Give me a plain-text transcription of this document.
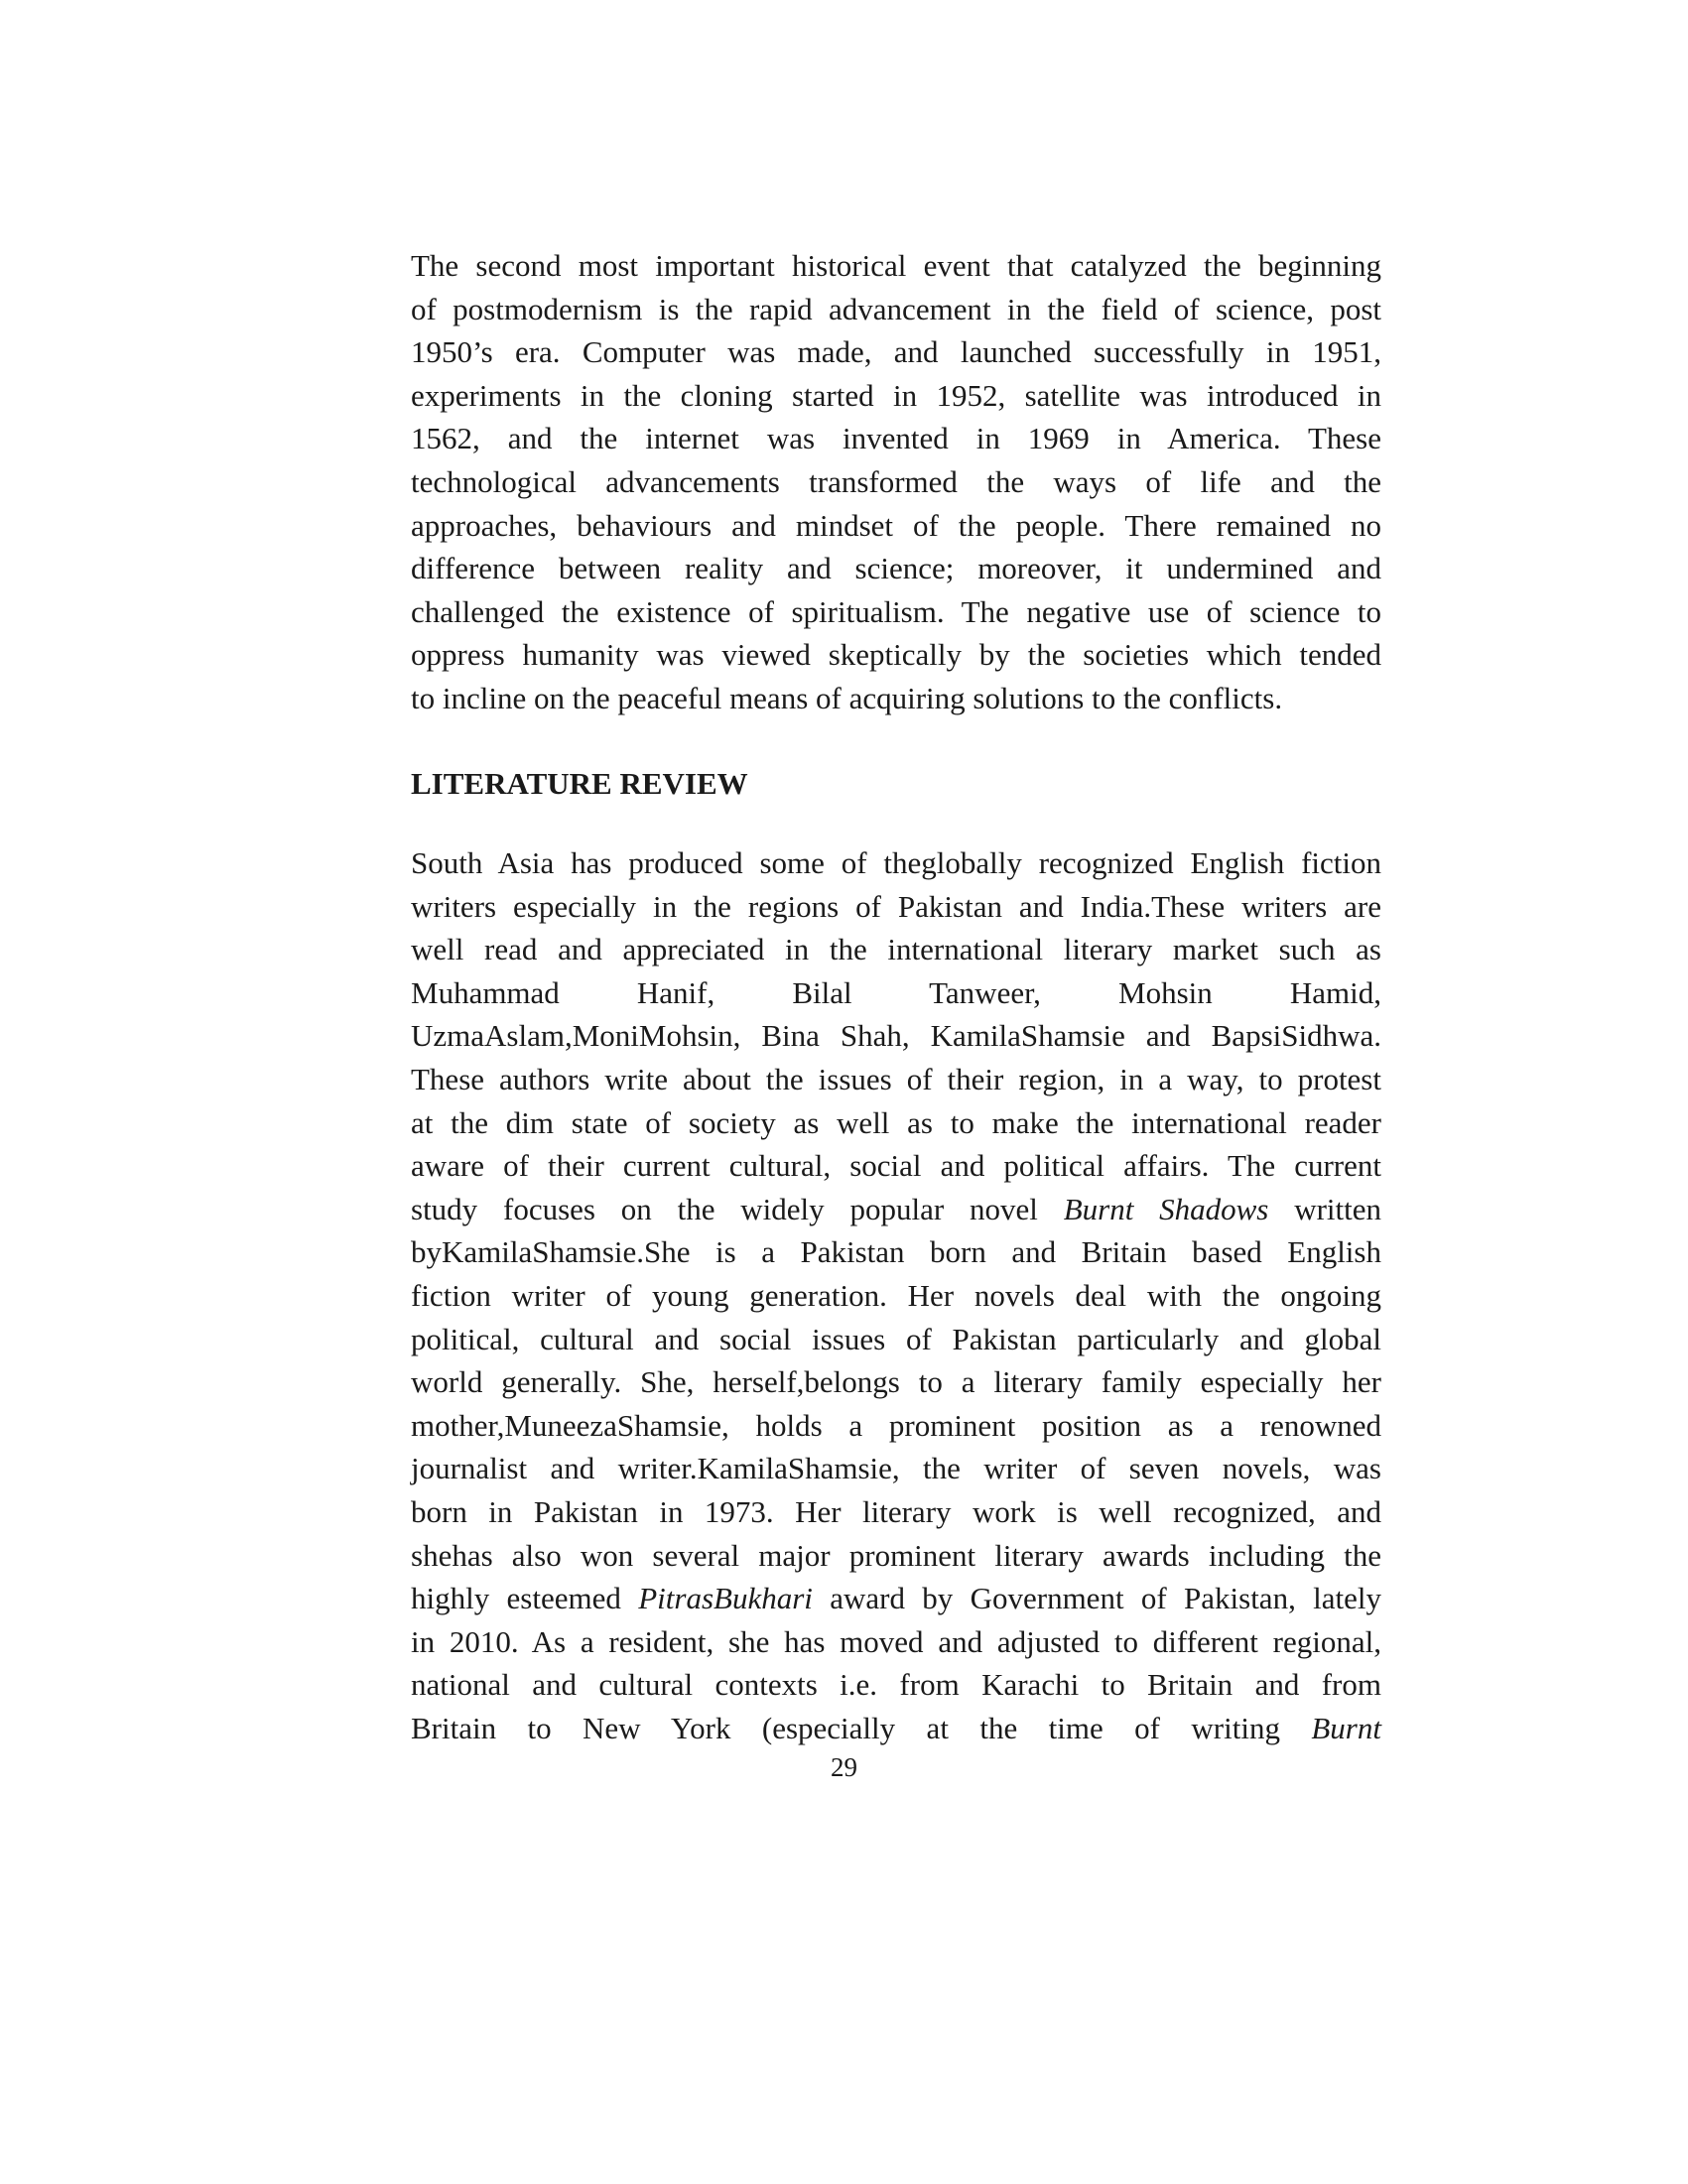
The second most important historical event that catalyzed the beginning
of postmodernism is the rapid advancement in the field of science, post
1950’s era. Computer was made, and launched successfully in 1951,
experiments in the cloning started in 1952, satellite was introduced in
1562, and the internet was invented in 1969 in America. These
technological advancements transformed the ways of life and the
approaches, behaviours and mindset of the people. There remained no
difference between reality and science; moreover, it undermined and
challenged the existence of spiritualism. The negative use of science to
oppress humanity was viewed skeptically by the societies which tended
to incline on the peaceful means of acquiring solutions to the conflicts.
LITERATURE REVIEW
South Asia has produced some of theglobally recognized English fiction
writers especially in the regions of Pakistan and India.These writers are
well read and appreciated in the international literary market such as
Muhammad Hanif, Bilal Tanweer, Mohsin Hamid,
UzmaAslam,MoniMohsin, Bina Shah, KamilaShamsie and BapsiSidhwa.
These authors write about the issues of their region, in a way, to protest
at the dim state of society as well as to make the international reader
aware of their current cultural, social and political affairs. The current
study focuses on the widely popular novel Burnt Shadows written
byKamilaShamsie.She is a Pakistan born and Britain based English
fiction writer of young generation. Her novels deal with the ongoing
political, cultural and social issues of Pakistan particularly and global
world generally. She, herself,belongs to a literary family especially her
mother,MuneezaShamsie, holds a prominent position as a renowned
journalist and writer.KamilaShamsie, the writer of seven novels, was
born in Pakistan in 1973. Her literary work is well recognized, and
shehas also won several major prominent literary awards including the
highly esteemed PitrasBukhari award by Government of Pakistan, lately
in 2010. As a resident, she has moved and adjusted to different regional,
national and cultural contexts i.e. from Karachi to Britain and from
Britain to New York (especially at the time of writing Burnt
29
